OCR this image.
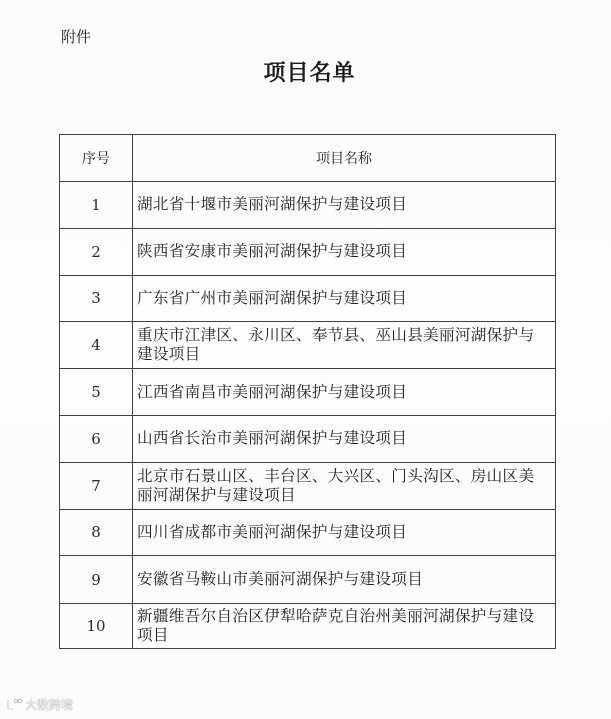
附件
项目名单
序号	项目名称
1	湖北省十堰市美丽河湖保护与建设项目
2	陕西省安康市美丽河湖保护与建设项目
3	广东省广州市美丽河湖保护与建设项目
4	重庆市江津区、永川区、奉节县、巫山县美丽河湖保护与建设项目
5	江西省南昌市美丽河湖保护与建设项目
6	山西省长治市美丽河湖保护与建设项目
7	北京市石景山区、丰台区、大兴区、门头沟区、房山区美丽河湖保护与建设项目
8	四川省成都市美丽河湖保护与建设项目
9	安徽省马鞍山市美丽河湖保护与建设项目
10	新疆维吾尔自治区伊犁哈萨克自治州美丽河湖保护与建设项目
大数跨境
